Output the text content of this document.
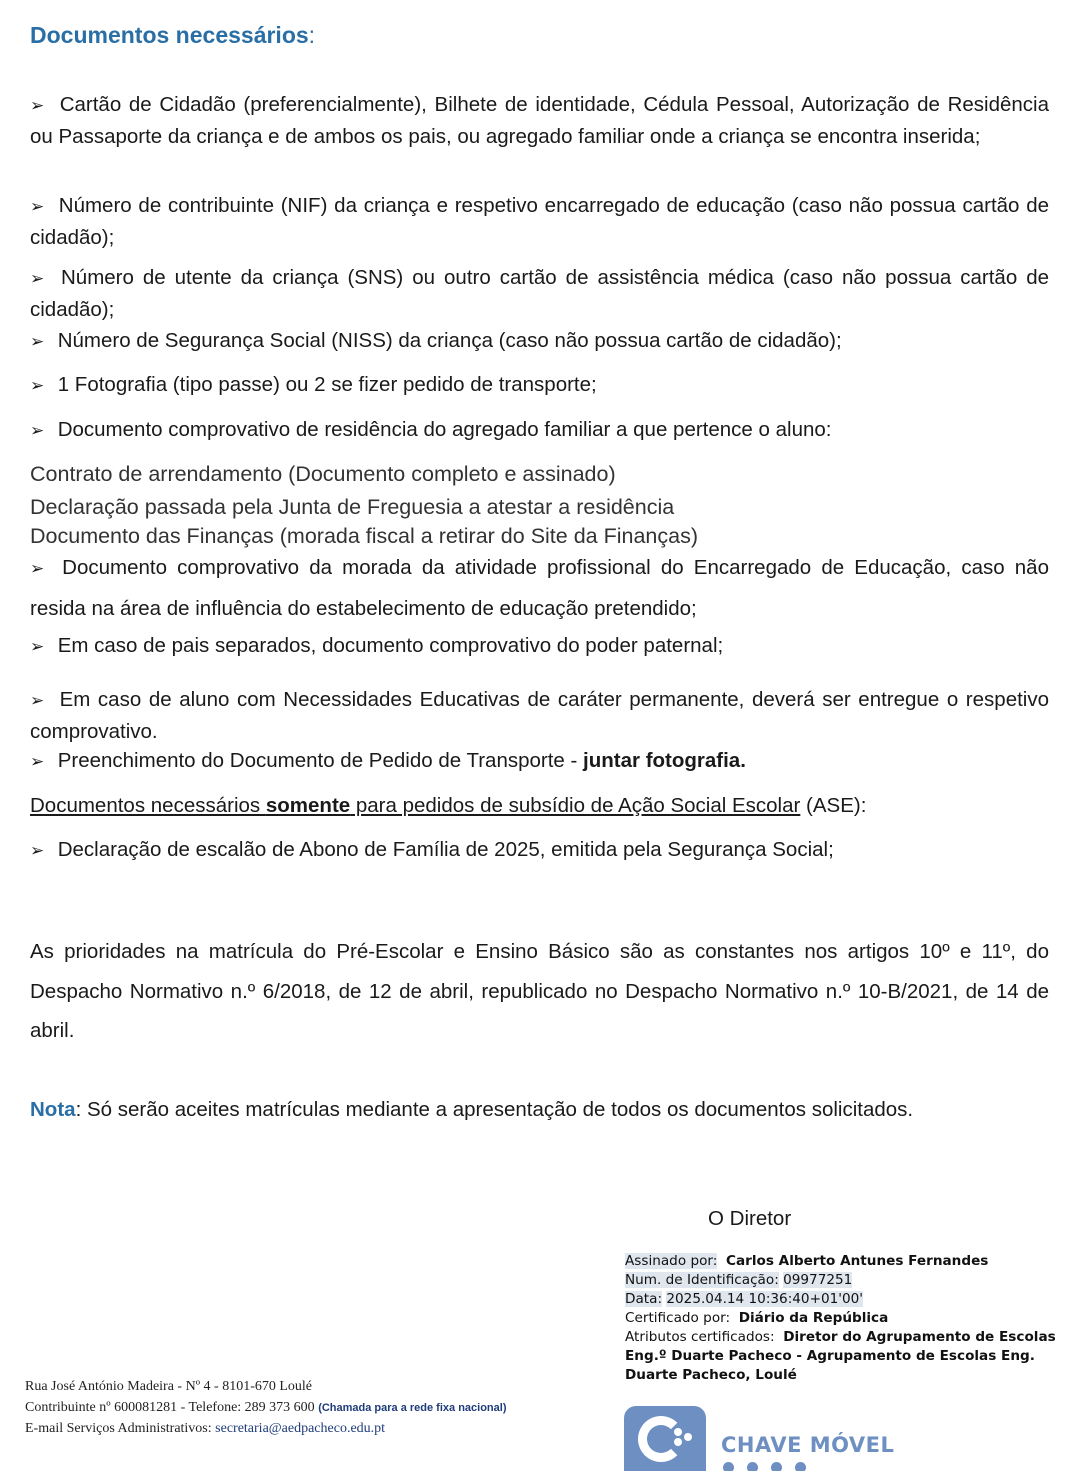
Documentos necessários:
➢ Cartão de Cidadão (preferencialmente), Bilhete de identidade, Cédula Pessoal, Autorização de Residência ou Passaporte da criança e de ambos os pais, ou agregado familiar onde a criança se encontra inserida;
➢ Número de contribuinte (NIF) da criança e respetivo encarregado de educação (caso não possua cartão de cidadão);
➢ Número de utente da criança (SNS) ou outro cartão de assistência médica (caso não possua cartão de cidadão);
➢ Número de Segurança Social (NISS) da criança (caso não possua cartão de cidadão);
➢ 1 Fotografia (tipo passe) ou 2 se fizer pedido de transporte;
➢ Documento comprovativo de residência do agregado familiar a que pertence o aluno:
Contrato de arrendamento (Documento completo e assinado)
Declaração passada pela Junta de Freguesia a atestar a residência
Documento das Finanças (morada fiscal a retirar do Site da Finanças)
➢ Documento comprovativo da morada da atividade profissional do Encarregado de Educação, caso não resida na área de influência do estabelecimento de educação pretendido;
➢ Em caso de pais separados, documento comprovativo do poder paternal;
➢ Em caso de aluno com Necessidades Educativas de caráter permanente, deverá ser entregue o respetivo comprovativo.
➢ Preenchimento do Documento de Pedido de Transporte - juntar fotografia.
Documentos necessários somente para pedidos de subsídio de Ação Social Escolar (ASE):
➢ Declaração de escalão de Abono de Família de 2025, emitida pela Segurança Social;
As prioridades na matrícula do Pré-Escolar e Ensino Básico são as constantes nos artigos 10º e 11º, do Despacho Normativo n.º 6/2018, de 12 de abril, republicado no Despacho Normativo n.º 10-B/2021, de 14 de abril.
Nota: Só serão aceites matrículas mediante a apresentação de todos os documentos solicitados.
O Diretor
Assinado por: Carlos Alberto Antunes Fernandes
Num. de Identificação: 09977251
Data: 2025.04.14 10:36:40+01'00'
Certificado por: Diário da República
Atributos certificados: Diretor do Agrupamento de Escolas Eng.º Duarte Pacheco - Agrupamento de Escolas Eng. Duarte Pacheco, Loulé
Rua José António Madeira - Nº 4 - 8101-670 Loulé
Contribuinte nº 600081281 - Telefone: 289 373 600 (Chamada para a rede fixa nacional)
E-mail Serviços Administrativos: secretaria@aedpacheco.edu.pt
CHAVE MÓVEL
